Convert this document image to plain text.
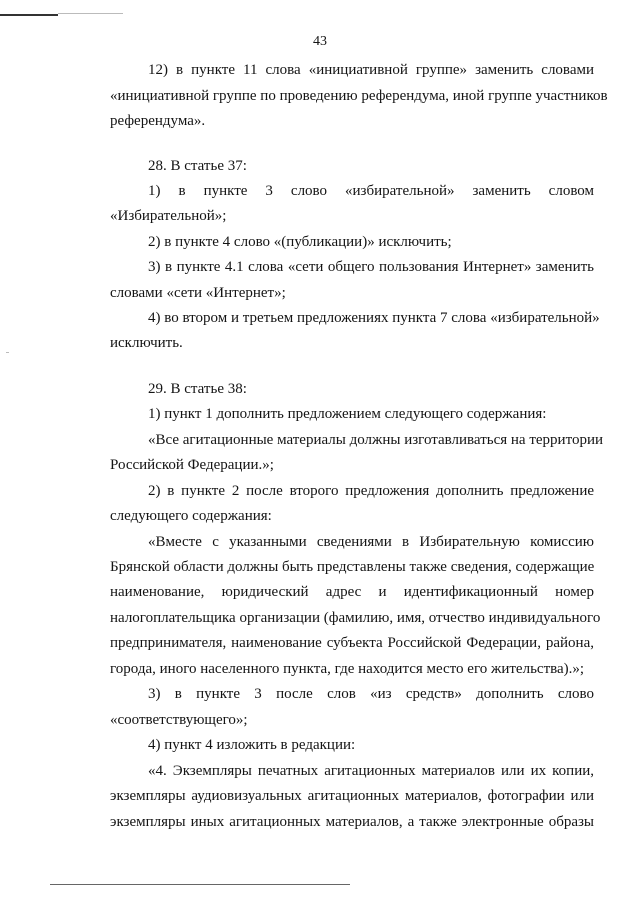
43
12) в пункте 11 слова «инициативной группе» заменить словами
«инициативной группе по проведению референдума, иной группе участников
референдума».
28. В статье 37:
1) в пункте 3 слово «избирательной» заменить словом
«Избирательной»;
2) в пункте 4 слово «(публикации)» исключить;
3) в пункте 4.1 слова «сети общего пользования Интернет» заменить
словами «сети «Интернет»;
4) во втором и третьем предложениях пункта 7 слова «избирательной»
исключить.
29. В статье 38:
1) пункт 1 дополнить предложением следующего содержания:
«Все агитационные материалы должны изготавливаться на территории
Российской Федерации.»;
2) в пункте 2 после второго предложения дополнить предложение
следующего содержания:
«Вместе с указанными сведениями в Избирательную комиссию
Брянской области должны быть представлены также сведения, содержащие
наименование, юридический адрес и идентификационный номер
налогоплательщика организации (фамилию, имя, отчество индивидуального
предпринимателя, наименование субъекта Российской Федерации, района,
города, иного населенного пункта, где находится место его жительства).»;
3) в пункте 3 после слов «из средств» дополнить слово
«соответствующего»;
4) пункт 4 изложить в редакции:
«4. Экземпляры печатных агитационных материалов или их копии,
экземпляры аудиовизуальных агитационных материалов, фотографии или
экземпляры иных агитационных материалов, а также электронные образы
